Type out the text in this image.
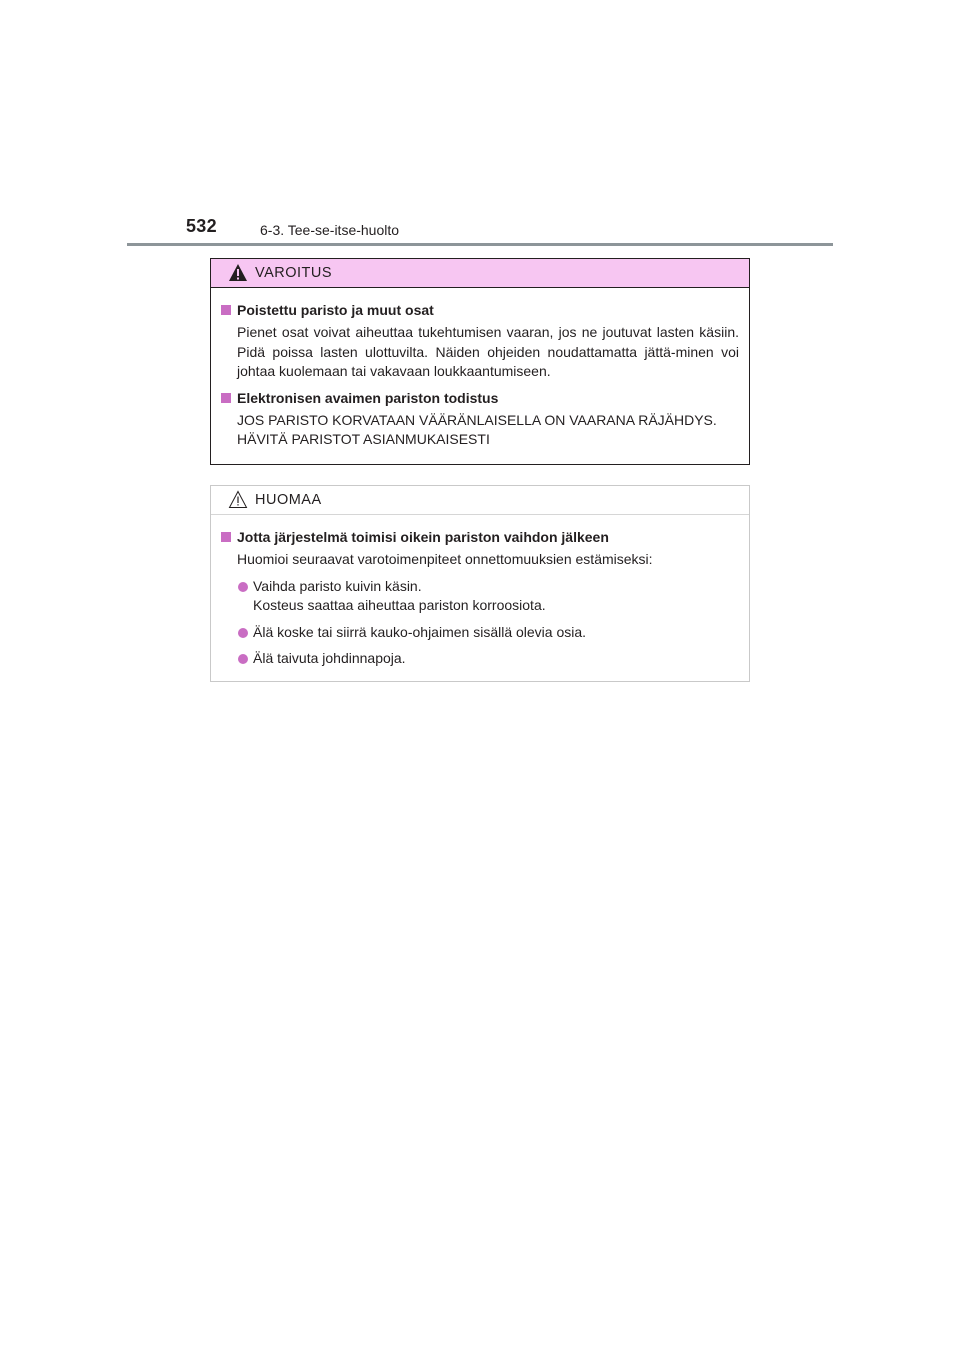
532	6-3. Tee-se-itse-huolto
VAROITUS
Poistettu paristo ja muut osat
Pienet osat voivat aiheuttaa tukehtumisen vaaran, jos ne joutuvat lasten käsiin. Pidä poissa lasten ulottuvilta. Näiden ohjeiden noudattamatta jättä-minen voi johtaa kuolemaan tai vakavaan loukkaantumiseen.
Elektronisen avaimen pariston todistus
JOS PARISTO KORVATAAN VÄÄRÄNLAISELLA ON VAARANA RÄJÄHDYS.
HÄVITÄ PARISTOT ASIANMUKAISESTI
HUOMAA
Jotta järjestelmä toimisi oikein pariston vaihdon jälkeen
Huomioi seuraavat varotoimenpiteet onnettomuuksien estämiseksi:
Vaihda paristo kuivin käsin.
Kosteus saattaa aiheuttaa pariston korroosiota.
Älä koske tai siirrä kauko-ohjaimen sisällä olevia osia.
Älä taivuta johdinnapoja.
